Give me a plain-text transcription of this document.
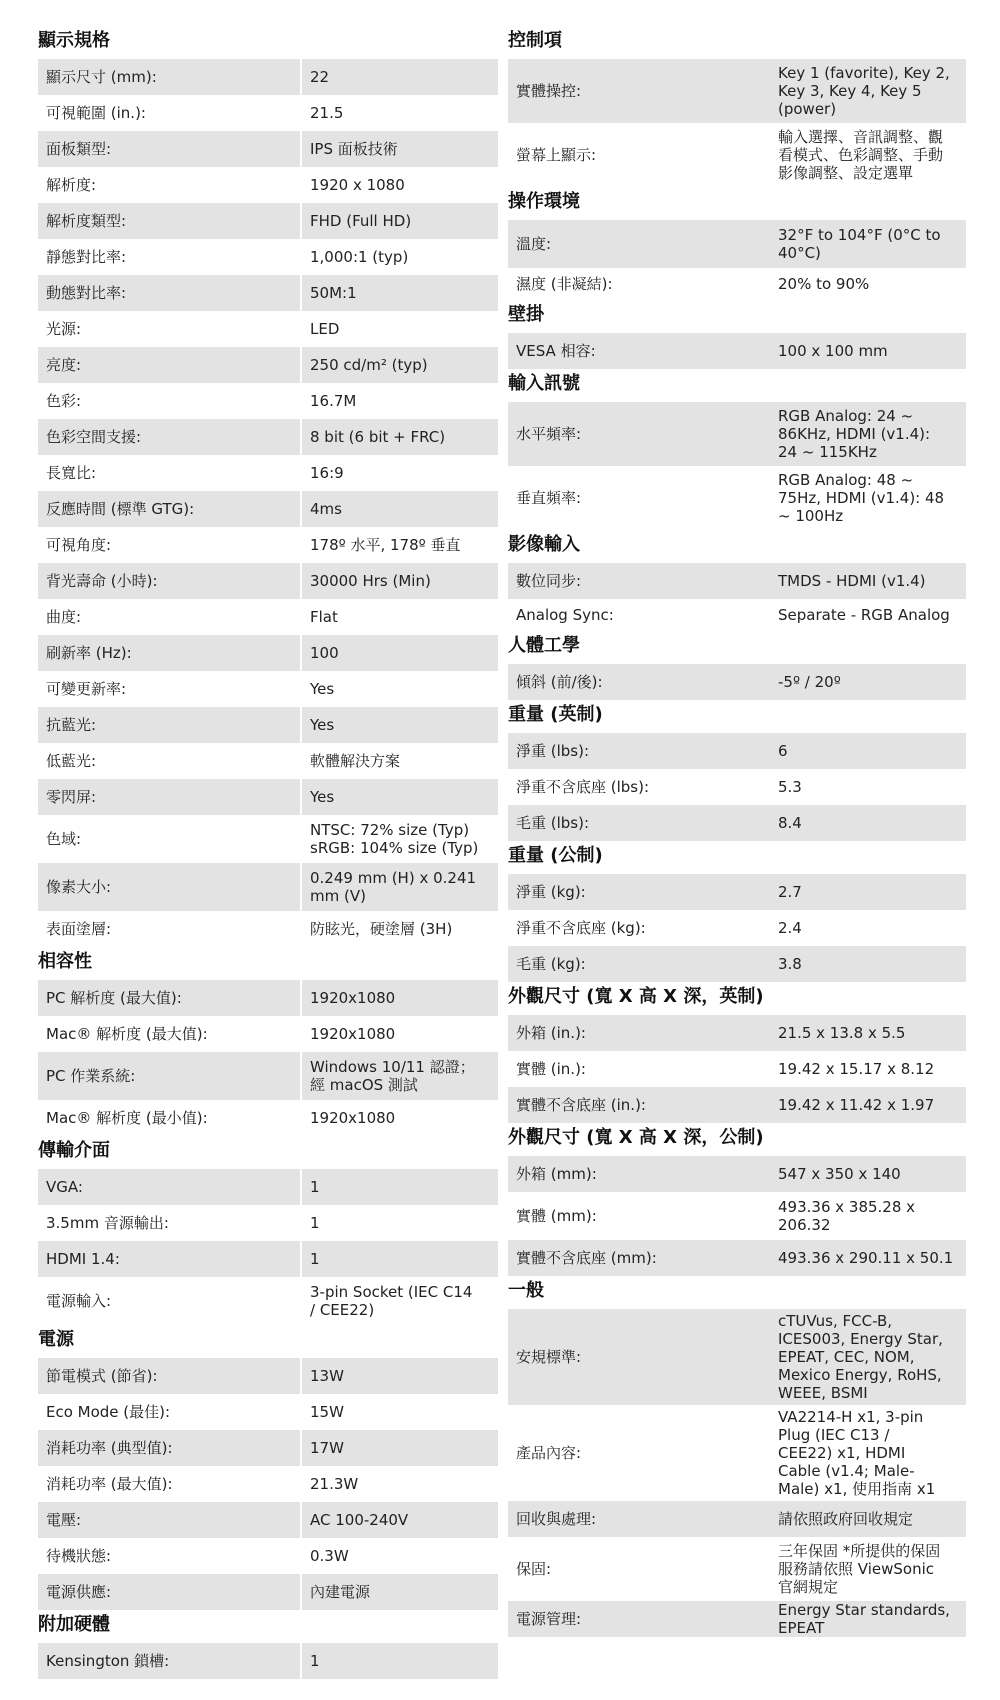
顯示規格
顯示尺寸 (mm):	22
可視範圍 (in.):	21.5
面板類型:	IPS 面板技術
解析度:	1920 x 1080
解析度類型:	FHD (Full HD)
靜態對比率:	1,000:1 (typ)
動態對比率:	50M:1
光源:	LED
亮度:	250 cd/m² (typ)
色彩:	16.7M
色彩空間支援:	8 bit (6 bit + FRC)
長寬比:	16:9
反應時間 (標準 GTG):	4ms
可視角度:	178º 水平, 178º 垂直
背光壽命 (小時):	30000 Hrs (Min)
曲度:	Flat
刷新率 (Hz):	100
可變更新率:	Yes
抗藍光:	Yes
低藍光:	軟體解決方案
零閃屏:	Yes
色域:	NTSC: 72% size (Typ)
sRGB: 104% size (Typ)
像素大小:	0.249 mm (H) x 0.241
mm (V)
表面塗層:	防眩光，硬塗層 (3H)
相容性
PC 解析度 (最大值):	1920x1080
Mac® 解析度 (最大值):	1920x1080
PC 作業系統:	Windows 10/11 認證；
經 macOS 測試
Mac® 解析度 (最小值):	1920x1080
傳輸介面
VGA:	1
3.5mm 音源輸出:	1
HDMI 1.4:	1
電源輸入:	3-pin Socket (IEC C14
/ CEE22)
電源
節電模式 (節省):	13W
Eco Mode (最佳):	15W
消耗功率 (典型值):	17W
消耗功率 (最大值):	21.3W
電壓:	AC 100-240V
待機狀態:	0.3W
電源供應:	內建電源
附加硬體
Kensington 鎖槽:	1
控制項
實體操控:
Key 1 (favorite), Key 2,
Key 3, Key 4, Key 5
(power)
螢幕上顯示:
輸入選擇、音訊調整、觀
看模式、色彩調整、手動
影像調整、設定選單
操作環境
溫度:	32°F to 104°F (0°C to
40°C)
濕度 (非凝結):	20% to 90%
壁掛
VESA 相容:	100 x 100 mm
輸入訊號
水平頻率:
RGB Analog: 24 ~
86KHz, HDMI (v1.4):
24 ~ 115KHz
垂直頻率:
RGB Analog: 48 ~
75Hz, HDMI (v1.4): 48
~ 100Hz
影像輸入
數位同步:	TMDS - HDMI (v1.4)
Analog Sync:	Separate - RGB Analog
人體工學
傾斜 (前/後):	-5º / 20º
重量 (英制)
淨重 (lbs):	6
淨重不含底座 (lbs):	5.3
毛重 (lbs):	8.4
重量 (公制)
淨重 (kg):	2.7
淨重不含底座 (kg):	2.4
毛重 (kg):	3.8
外觀尺寸 (寬 X 高 X 深，英制)
外箱 (in.):	21.5 x 13.8 x 5.5
實體 (in.):	19.42 x 15.17 x 8.12
實體不含底座 (in.):	19.42 x 11.42 x 1.97
外觀尺寸 (寬 X 高 X 深，公制)
外箱 (mm):	547 x 350 x 140
實體 (mm):	493.36 x 385.28 x
206.32
實體不含底座 (mm):	493.36 x 290.11 x 50.1
一般
安規標準:
cTUVus, FCC-B,
ICES003, Energy Star,
EPEAT, CEC, NOM,
Mexico Energy, RoHS,
WEEE, BSMI
產品內容:
VA2214-H x1, 3-pin
Plug (IEC C13 /
CEE22) x1, HDMI
Cable (v1.4; Male-
Male) x1, 使用指南 x1
回收與處理:	請依照政府回收規定
保固:
三年保固 *所提供的保固
服務請依照 ViewSonic
官網規定
電源管理:	Energy Star standards,
EPEAT
